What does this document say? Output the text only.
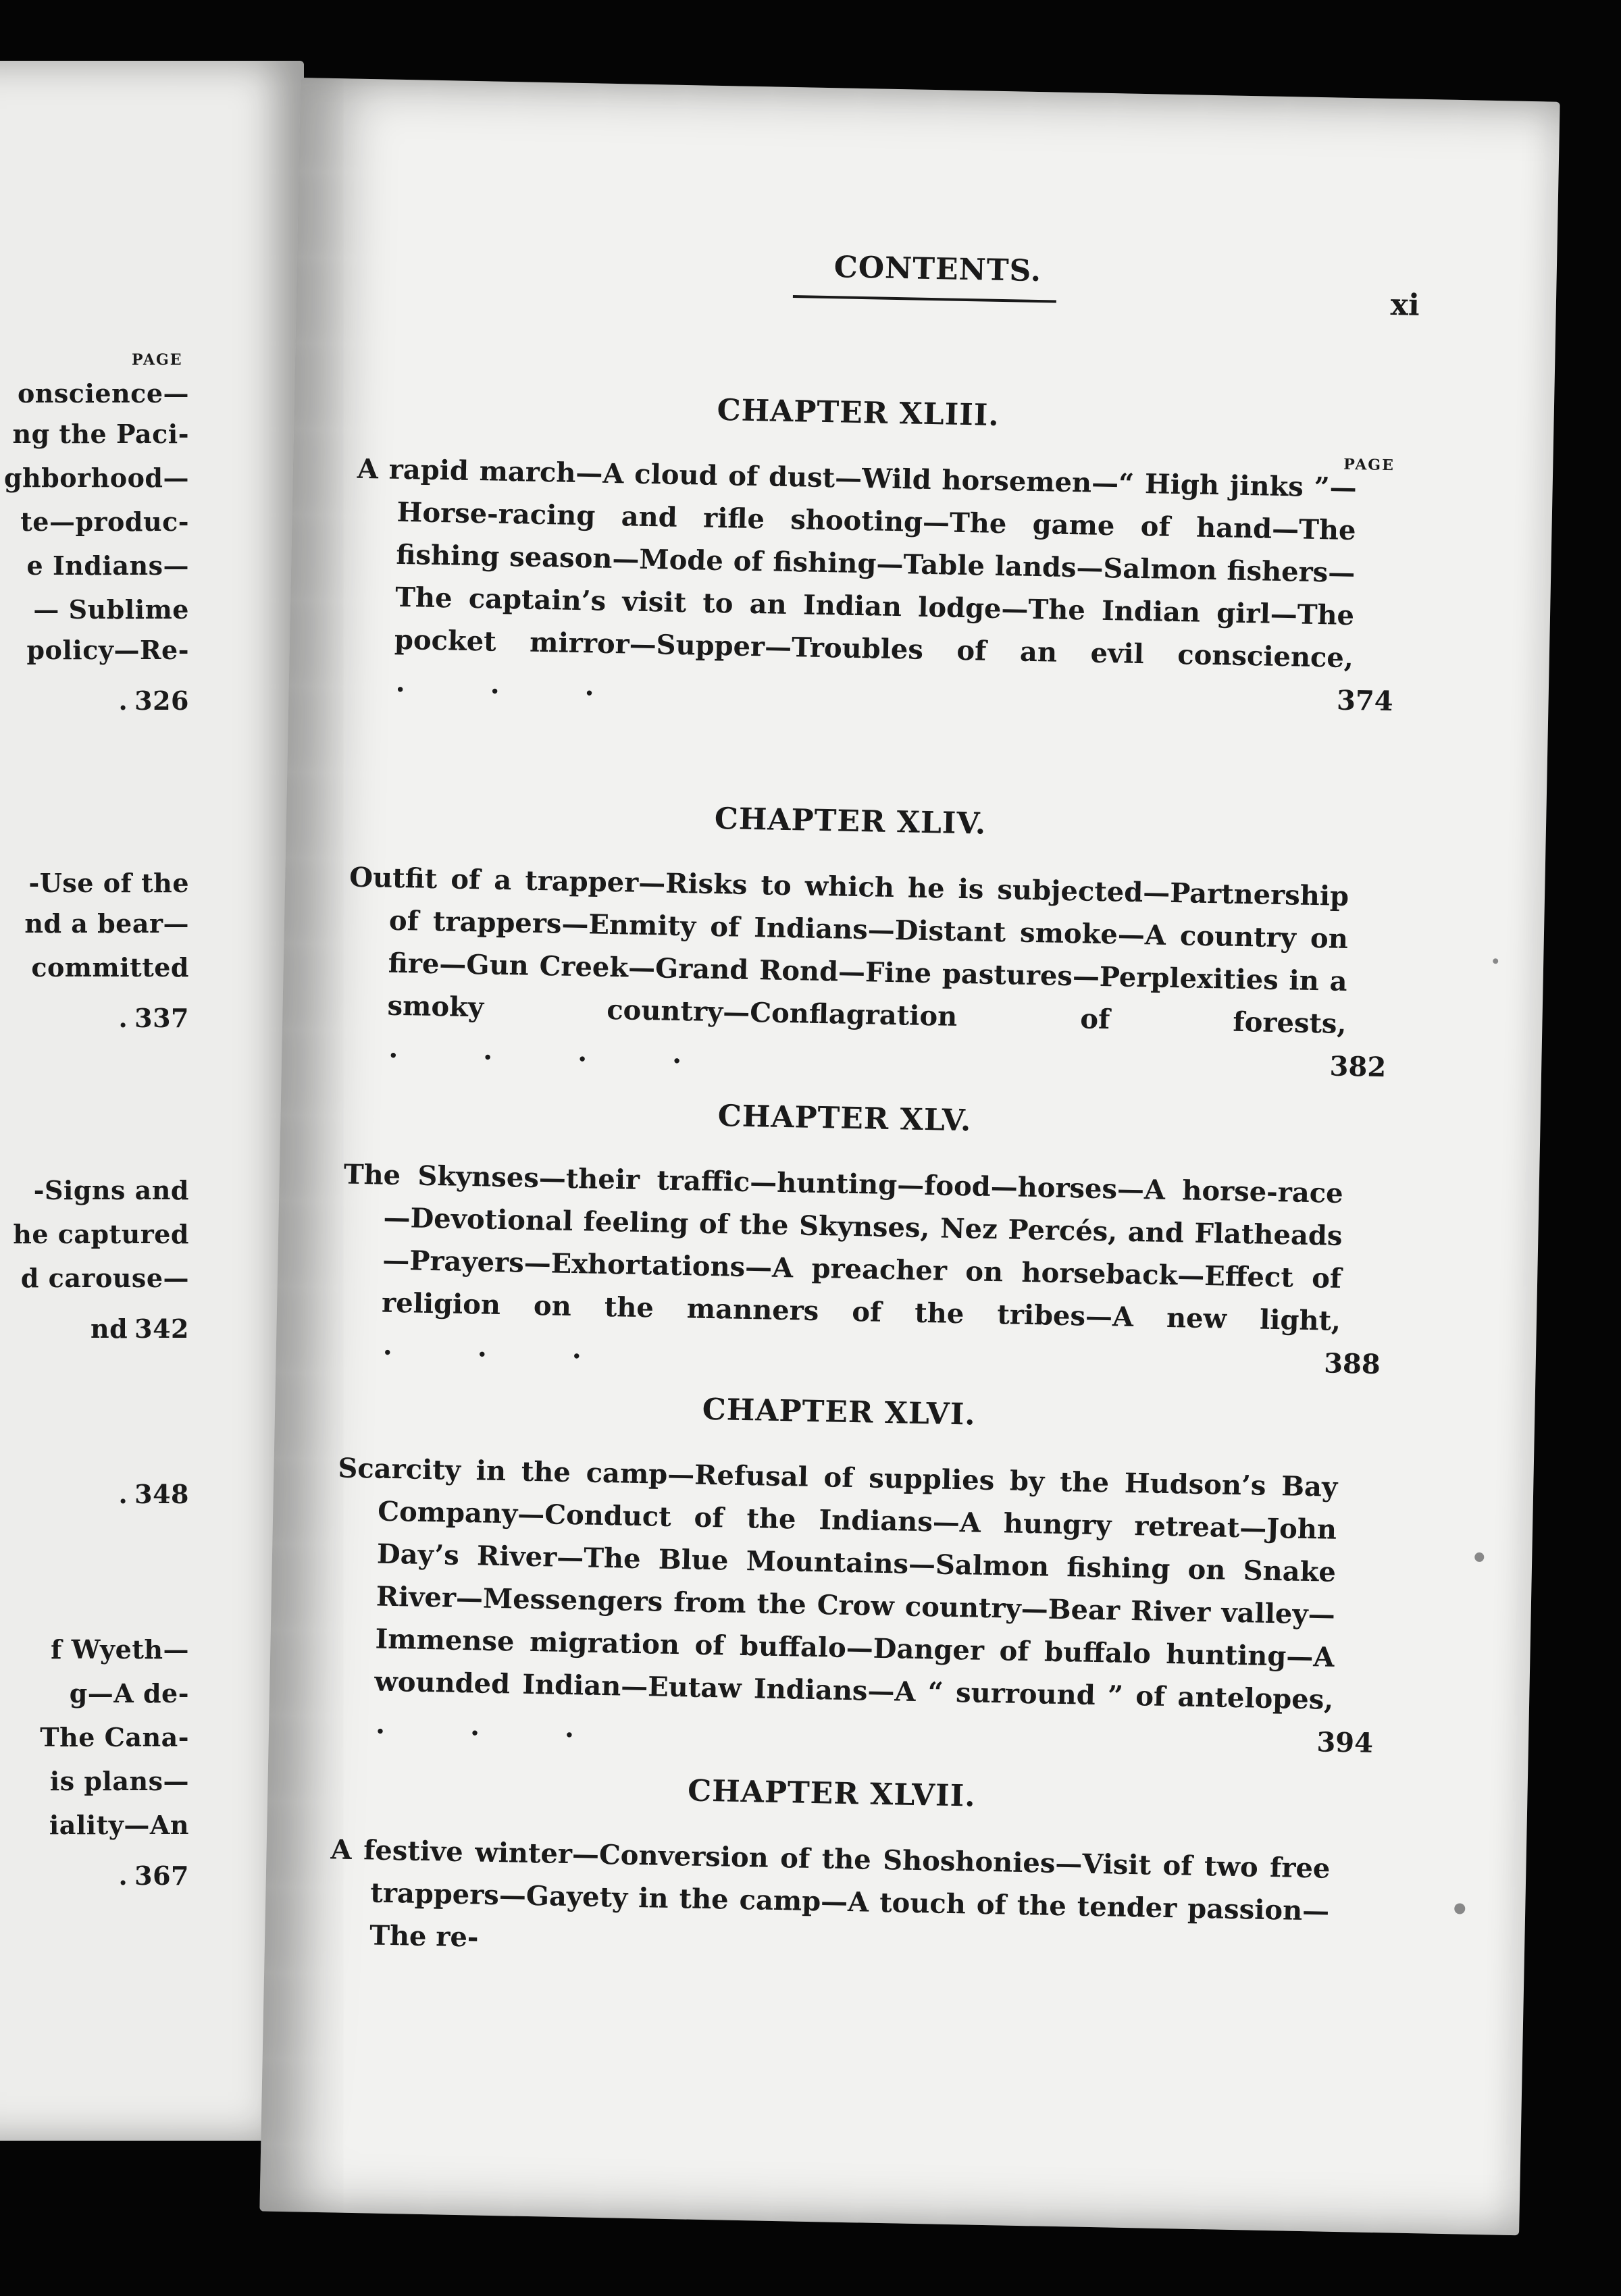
PAGE
onscience—
ng the Paci-
ghborhood—
te—produc-
e Indians—
— Sublime
policy—Re-
. 326
-Use of the
nd a bear—
committed
. 337
-Signs and
he captured
d carouse—
nd 342
. 348
f Wyeth—
g—A de-
The Cana-
is plans—
iality—An
. 367
CONTENTS.
xi
PAGE
CHAPTER XLIII.
A rapid march—A cloud of dust—Wild horsemen—“ High jinks ”—Horse-racing and rifle shooting—The game of hand—The fishing season—Mode of fishing—Table lands—Salmon fishers—The captain’s visit to an Indian lodge—The Indian girl—The pocket mirror—Supper—Troubles of an evil conscience, .	.	.	374
CHAPTER XLIV.
Outfit of a trapper—Risks to which he is subjected—Partnership of trappers—Enmity of Indians—Distant smoke—A country on fire—Gun Creek—Grand Rond—Fine pastures—Perplexities in a smoky country—Conflagration of forests, .	.	.	.	382
CHAPTER XLV.
The Skynses—their traffic—hunting—food—horses—A horse-race—Devotional feeling of the Skynses, Nez Percés, and Flatheads—Prayers—Exhortations—A preacher on horseback—Effect of religion on the manners of the tribes—A new light, .	.	.	388
CHAPTER XLVI.
Scarcity in the camp—Refusal of supplies by the Hudson’s Bay Company—Conduct of the Indians—A hungry retreat—John Day’s River—The Blue Mountains—Salmon fishing on Snake River—Messengers from the Crow country—Bear River valley—Immense migration of buffalo—Danger of buffalo hunting—A wounded Indian—Eutaw Indians—A “ surround ” of antelopes, .	.	.	394
CHAPTER XLVII.
A festive winter—Conversion of the Shoshonies—Visit of two free trappers—Gayety in the camp—A touch of the tender passion—The re-
